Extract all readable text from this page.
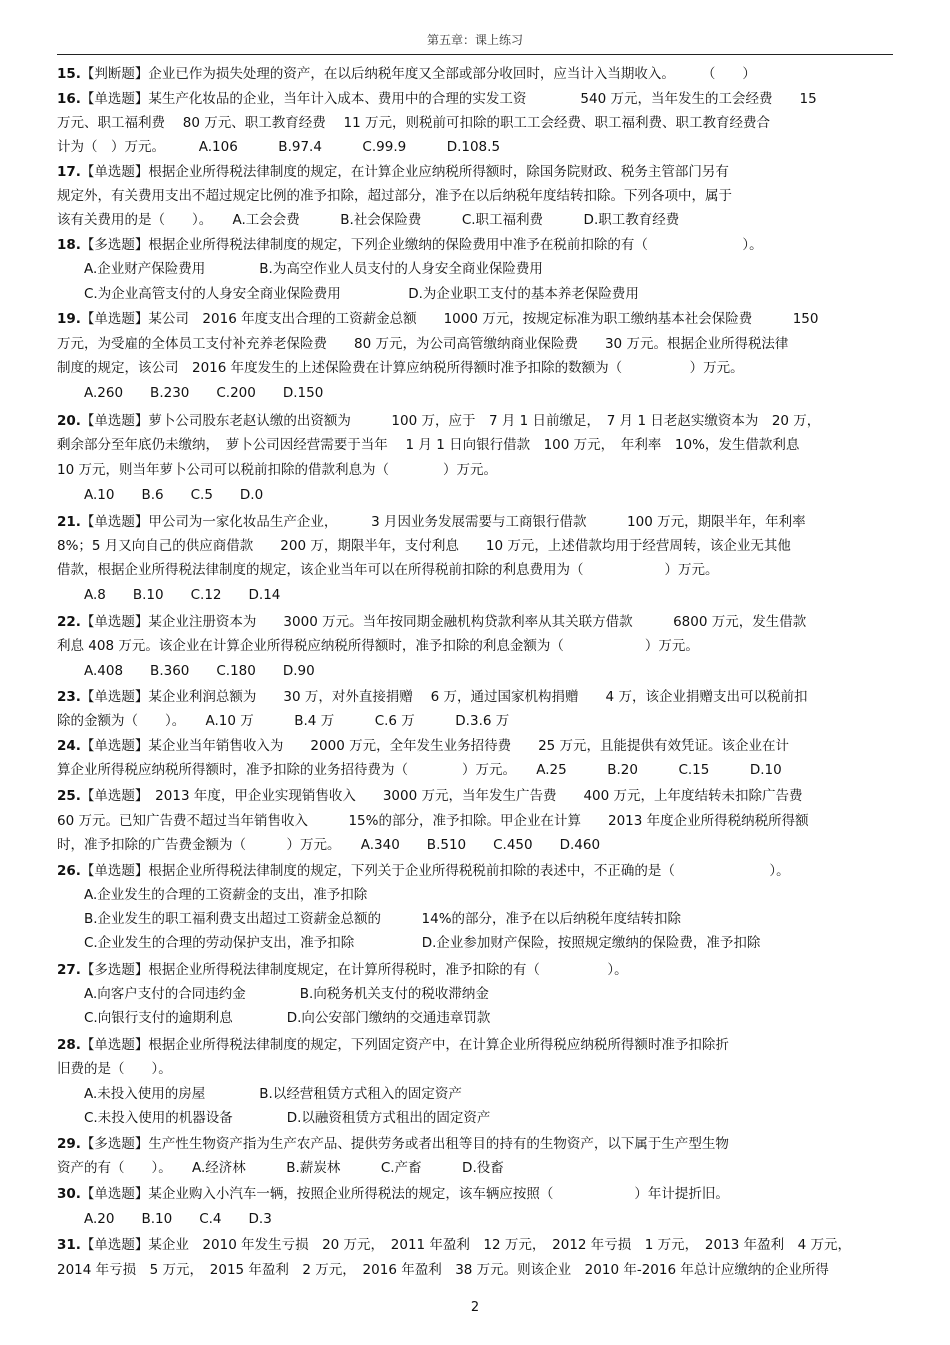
第五章：课上练习
15.【判断题】企业已作为损失处理的资产，在以后纳税年度又全部或部分收回时，应当计入当期收入。　　　（　　）
16.【单选题】某生产化妆品的企业，当年计入成本、费用中的合理的实发工资　　　　540 万元，当年发生的工会经费　　15
万元、职工福利费　 80 万元、职工教育经费　 11 万元，则税前可扣除的职工工会经费、职工福利费、职工教育经费合
计为（　）万元。　　　A.106　　　B.97.4　　　C.99.9　　　D.108.5
17.【单选题】根据企业所得税法律制度的规定，在计算企业应纳税所得额时，除国务院财政、税务主管部门另有
规定外，有关费用支出不超过规定比例的准予扣除，超过部分，准予在以后纳税年度结转扣除。下列各项中，属于
该有关费用的是（　　）。　　A.工会会费　　　B.社会保险费　　　C.职工福利费　　　D.职工教育经费
18.【多选题】根据企业所得税法律制度的规定，下列企业缴纳的保险费用中准予在税前扣除的有（　　　　　　　）。
　　A.企业财产保险费用　　　　B.为高空作业人员支付的人身安全商业保险费用
　　C.为企业高管支付的人身安全商业保险费用　　　　　D.为企业职工支付的基本养老保险费用
19.【单选题】某公司　2016 年度支出合理的工资薪金总额　　1000 万元，按规定标准为职工缴纳基本社会保险费　　　150
万元，为受雇的全体员工支付补充养老保险费　　80 万元，为公司高管缴纳商业保险费　　30 万元。根据企业所得税法律
制度的规定，该公司　2016 年度发生的上述保险费在计算应纳税所得额时准予扣除的数额为（　　　　　）万元。
　　A.260　　B.230　　C.200　　D.150
20.【单选题】萝卜公司股东老赵认缴的出资额为　　　100 万，应于　7 月 1 日前缴足，　7 月 1 日老赵实缴资本为　20 万，
剩余部分至年底仍未缴纳，　萝卜公司因经营需要于当年　 1 月 1 日向银行借款　100 万元，　年利率　10%，发生借款利息
10 万元，则当年萝卜公司可以税前扣除的借款利息为（　　　　）万元。
　　A.10　　B.6　　C.5　　D.0
21.【单选题】甲公司为一家化妆品生产企业，　　　3 月因业务发展需要与工商银行借款　　　100 万元，期限半年，年利率
8%；5 月又向自己的供应商借款　　200 万，期限半年，支付利息　　10 万元，上述借款均用于经营周转，该企业无其他
借款，根据企业所得税法律制度的规定，该企业当年可以在所得税前扣除的利息费用为（　　　　　　）万元。
　　A.8　　B.10　　C.12　　D.14
22.【单选题】某企业注册资本为　　3000 万元。当年按同期金融机构贷款利率从其关联方借款　　　6800 万元，发生借款
利息 408 万元。该企业在计算企业所得税应纳税所得额时，准予扣除的利息金额为（　　　　　　）万元。
　　A.408　　B.360　　C.180　　D.90
23.【单选题】某企业利润总额为　　30 万，对外直接捐赠　 6 万，通过国家机构捐赠　　4 万，该企业捐赠支出可以税前扣
除的金额为（　　）。　　A.10 万　　　B.4 万　　　C.6 万　　　D.3.6 万
24.【单选题】某企业当年销售收入为　　2000 万元，全年发生业务招待费　　25 万元，且能提供有效凭证。该企业在计
算企业所得税应纳税所得额时，准予扣除的业务招待费为（　　　　）万元。　　A.25　　　B.20　　　C.15　　　D.10
25.【单选题】　2013 年度，甲企业实现销售收入　　3000 万元，当年发生广告费　　400 万元，上年度结转未扣除广告费
60 万元。已知广告费不超过当年销售收入　　　15%的部分，准予扣除。甲企业在计算　　2013 年度企业所得税纳税所得额
时，准予扣除的广告费金额为（　　　）万元。　　A.340　　B.510　　C.450　　D.460
26.【单选题】根据企业所得税法律制度的规定，下列关于企业所得税税前扣除的表述中，不正确的是（　　　　　　　）。
　　A.企业发生的合理的工资薪金的支出，准予扣除
　　B.企业发生的职工福利费支出超过工资薪金总额的　　　14%的部分，准予在以后纳税年度结转扣除
　　C.企业发生的合理的劳动保护支出，准予扣除　　　　　D.企业参加财产保险，按照规定缴纳的保险费，准予扣除
27.【多选题】根据企业所得税法律制度规定，在计算所得税时，准予扣除的有（　　　　　）。
　　A.向客户支付的合同违约金　　　　B.向税务机关支付的税收滞纳金
　　C.向银行支付的逾期利息　　　　D.向公安部门缴纳的交通违章罚款
28.【单选题】根据企业所得税法律制度的规定，下列固定资产中，在计算企业所得税应纳税所得额时准予扣除折
旧费的是（　　）。
　　A.未投入使用的房屋　　　　B.以经营租赁方式租入的固定资产
　　C.未投入使用的机器设备　　　　D.以融资租赁方式租出的固定资产
29.【多选题】生产性生物资产指为生产农产品、提供劳务或者出租等目的持有的生物资产，以下属于生产型生物
资产的有（　　）。　　A.经济林　　　B.薪炭林　　　C.产畜　　　D.役畜
30.【单选题】某企业购入小汽车一辆，按照企业所得税法的规定，该车辆应按照（　　　　　　）年计提折旧。
　　A.20　　B.10　　C.4　　D.3
31.【单选题】某企业　2010 年发生亏损　20 万元，　2011 年盈利　12 万元，　2012 年亏损　1 万元，　2013 年盈利　4 万元，
2014 年亏损　5 万元，　2015 年盈利　2 万元，　2016 年盈利　38 万元。则该企业　2010 年-2016 年总计应缴纳的企业所得
2
